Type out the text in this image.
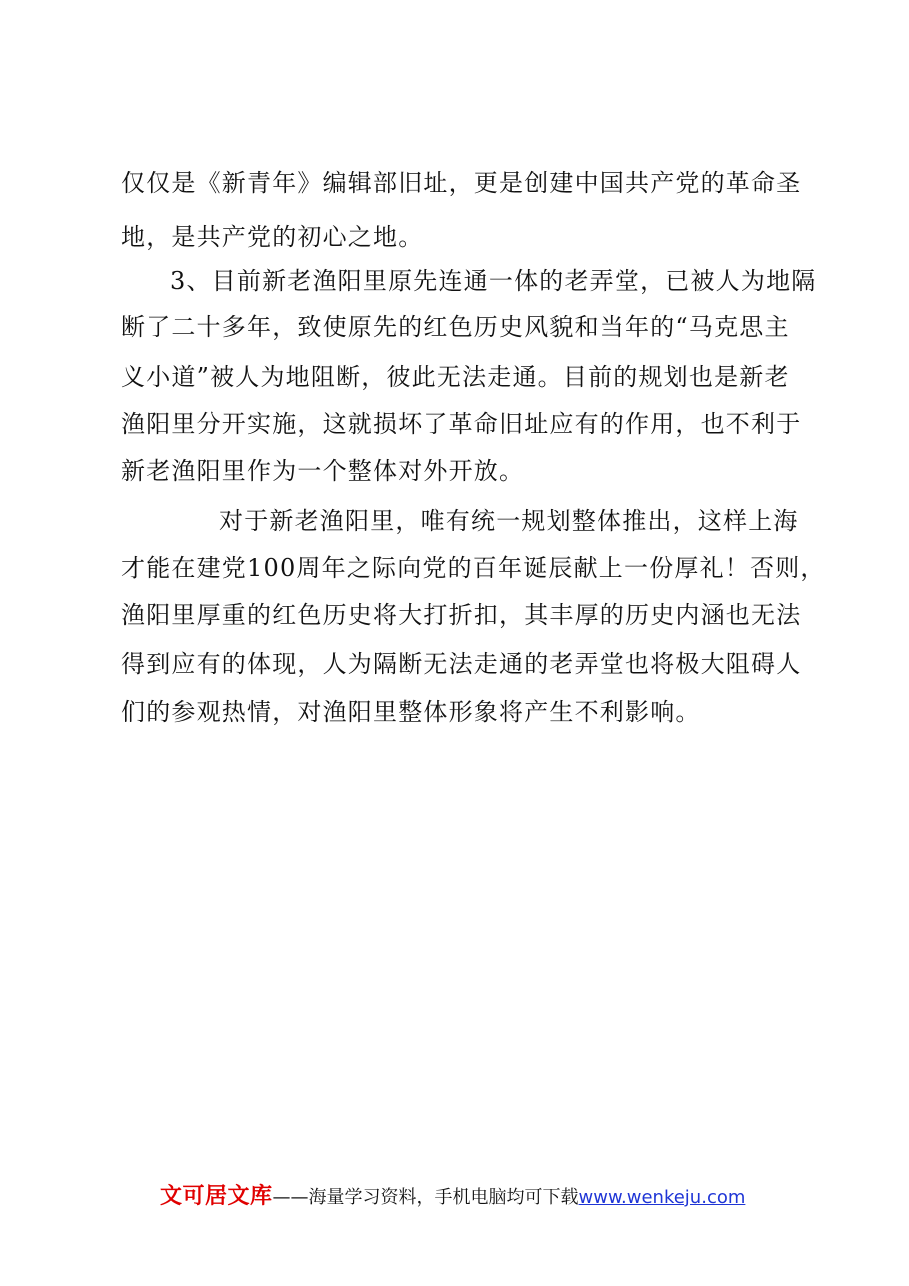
仅仅是《新青年》编辑部旧址，更是创建中国共产党的革命圣
地，是共产党的初心之地。
3、目前新老渔阳里原先连通一体的老弄堂，已被人为地隔
断了二十多年，致使原先的红色历史风貌和当年的“马克思主
义小道”被人为地阻断，彼此无法走通。目前的规划也是新老
渔阳里分开实施，这就损坏了革命旧址应有的作用，也不利于
新老渔阳里作为一个整体对外开放。
对于新老渔阳里，唯有统一规划整体推出，这样上海
才能在建党100周年之际向党的百年诞辰献上一份厚礼！否则，
渔阳里厚重的红色历史将大打折扣，其丰厚的历史内涵也无法
得到应有的体现，人为隔断无法走通的老弄堂也将极大阻碍人
们的参观热情，对渔阳里整体形象将产生不利影响。
文可居文库——海量学习资料，手机电脑均可下载www.wenkeju.com
